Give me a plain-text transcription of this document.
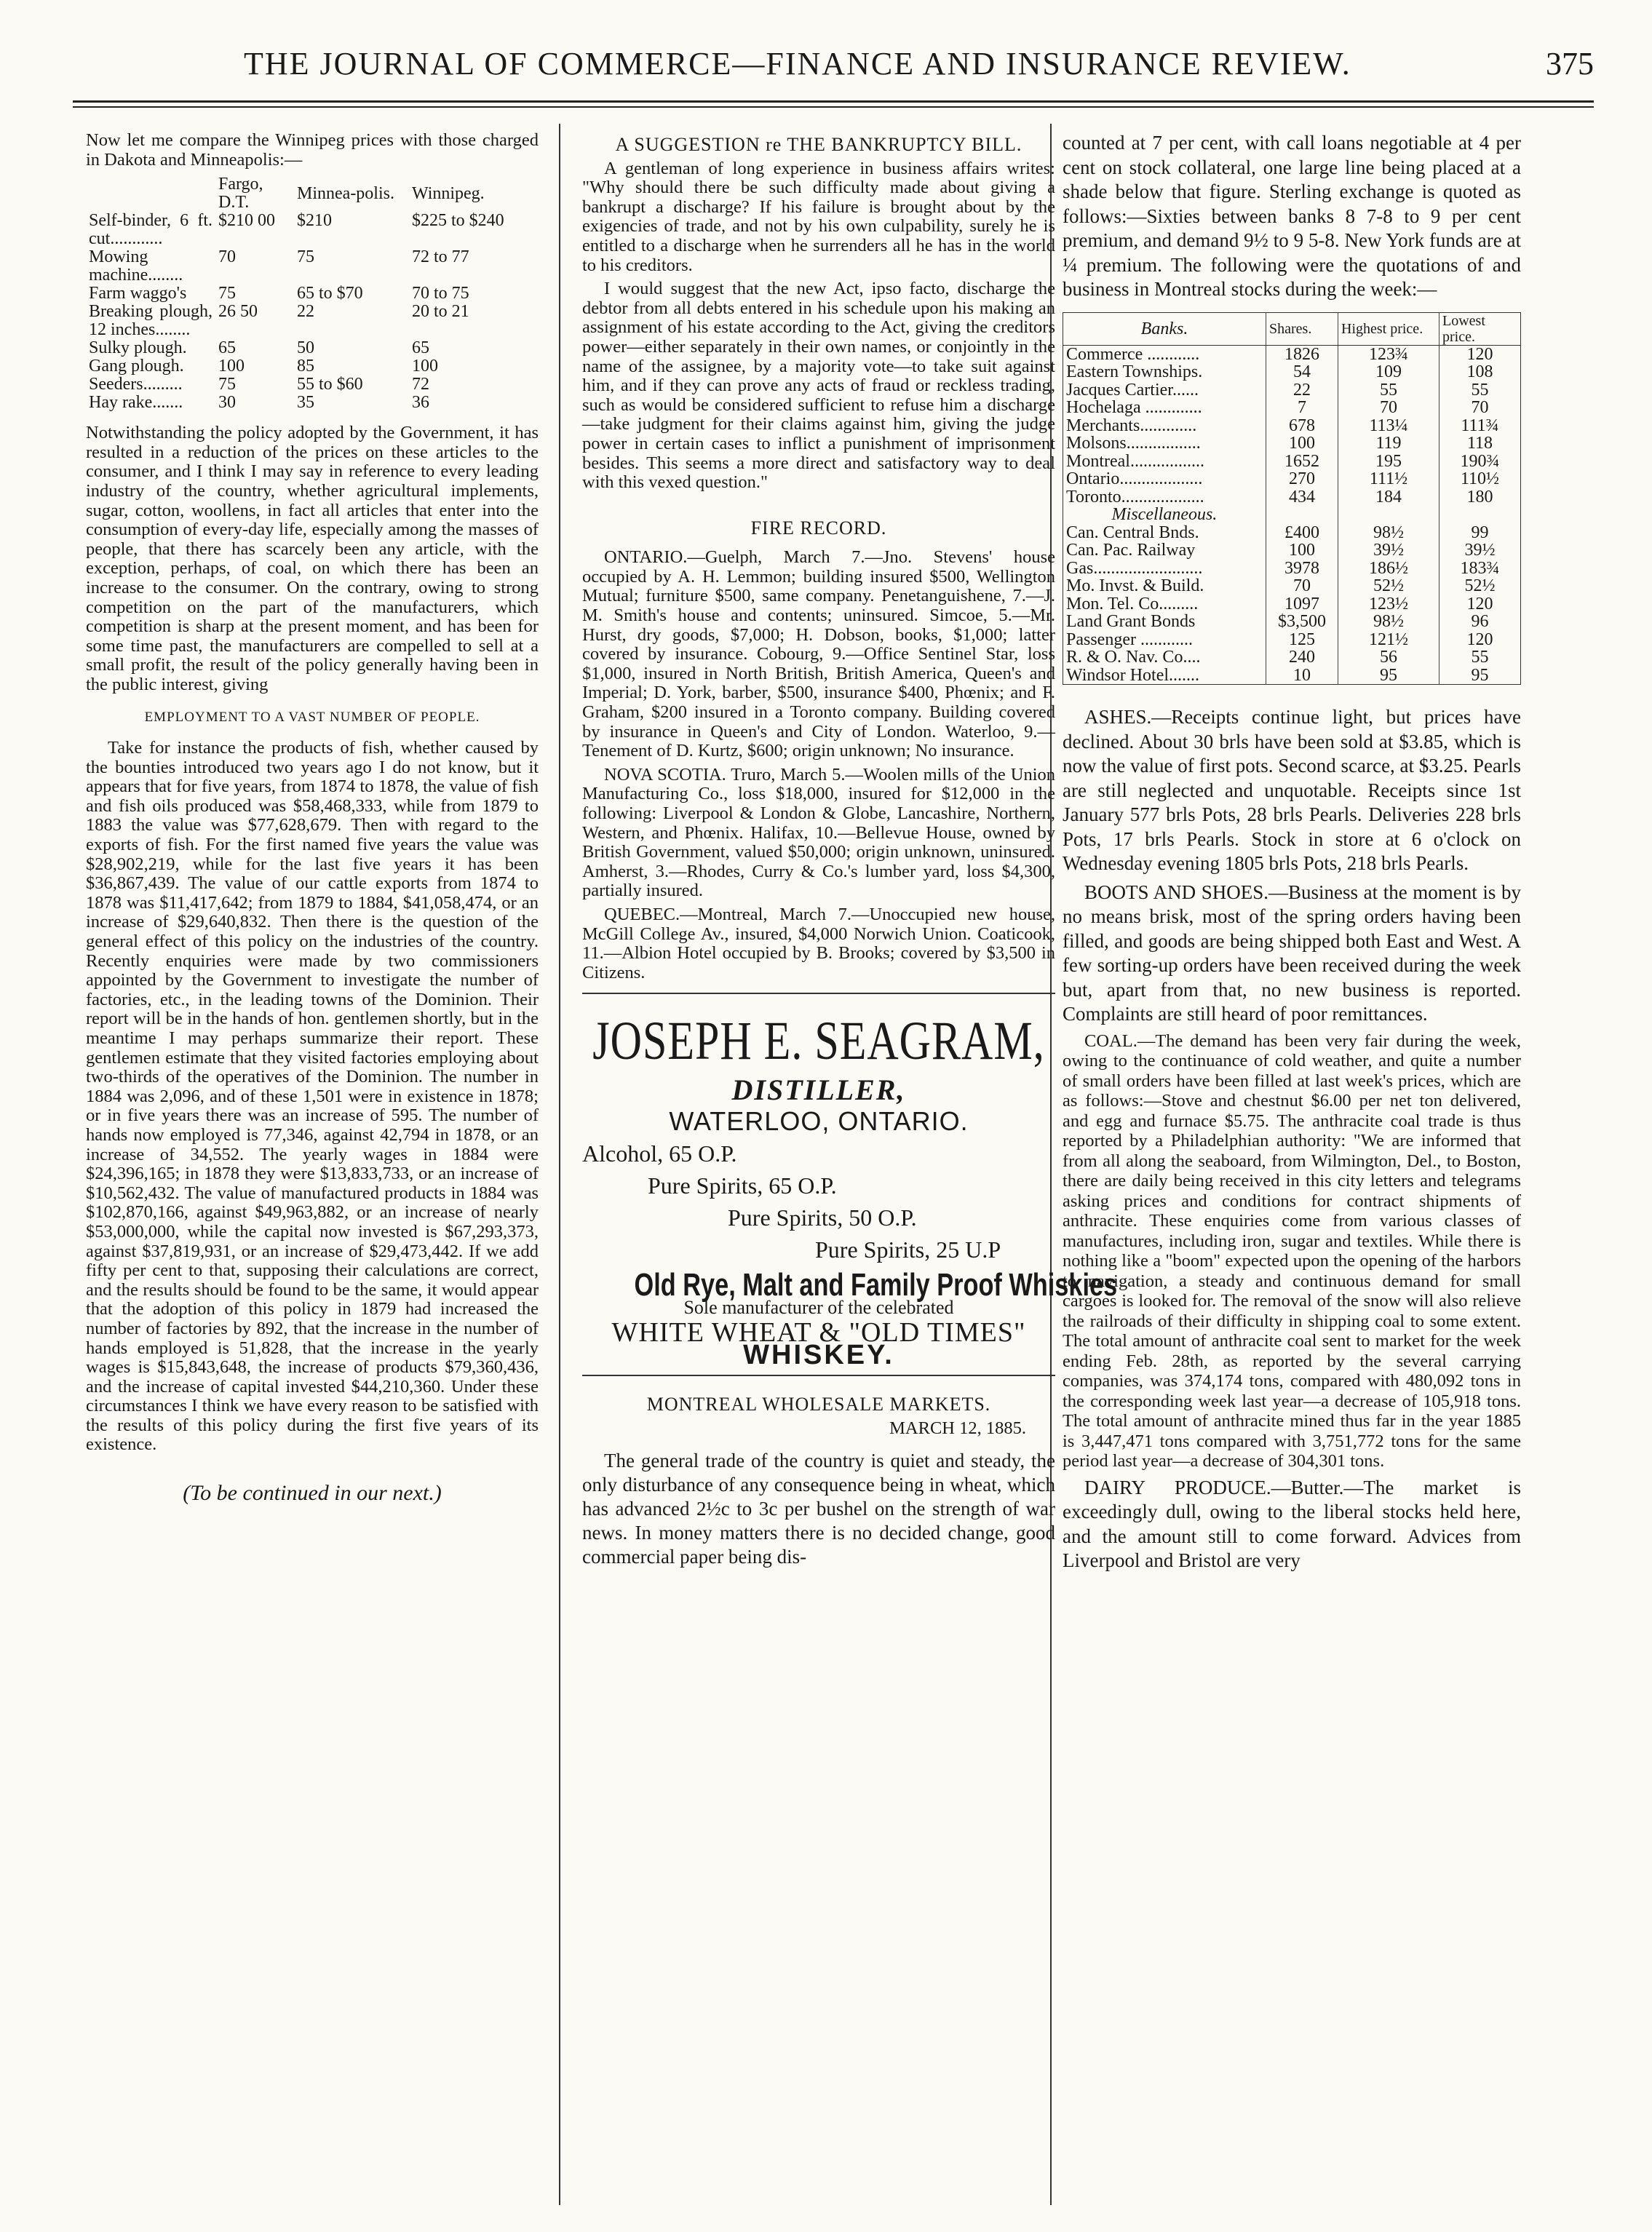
THE JOURNAL OF COMMERCE—FINANCE AND INSURANCE REVIEW.	375

Now let me compare the Winnipeg prices with those charged in Dakota and Minneapolis:—

	Fargo, D.T.	Minnea-polis.	Winnipeg.
Self-binder, 6 ft. cut............	$210 00	$210	$225 to $240
Mowing machine........	70	75	72 to 77
Farm waggo's	75	65 to $70	70 to 75
Breaking plough, 12 inches........	26 50	22	20 to 21
Sulky plough.	65	50	65
Gang plough.	100	85	100
Seeders.........	75	55 to $60	72
Hay rake.......	30	35	36

Notwithstanding the policy adopted by the Government, it has resulted in a reduction of the prices on these articles to the consumer, and I think I may say in reference to every leading industry of the country, whether agricultural implements, sugar, cotton, woollens, in fact all articles that enter into the consumption of every-day life, especially among the masses of people, that there has scarcely been any article, with the exception, perhaps, of coal, on which there has been an increase to the consumer. On the contrary, owing to strong competition on the part of the manufacturers, which competition is sharp at the present moment, and has been for some time past, the manufacturers are compelled to sell at a small profit, the result of the policy generally having been in the public interest, giving

EMPLOYMENT TO A VAST NUMBER OF PEOPLE.

Take for instance the products of fish, whether caused by the bounties introduced two years ago I do not know, but it appears that for five years, from 1874 to 1878, the value of fish and fish oils produced was $58,468,333, while from 1879 to 1883 the value was $77,628,679. Then with regard to the exports of fish. For the first named five years the value was $28,902,219, while for the last five years it has been $36,867,439. The value of our cattle exports from 1874 to 1878 was $11,417,642; from 1879 to 1884, $41,058,474, or an increase of $29,640,832. Then there is the question of the general effect of this policy on the industries of the country. Recently enquiries were made by two commissioners appointed by the Government to investigate the number of factories, etc., in the leading towns of the Dominion. Their report will be in the hands of hon. gentlemen shortly, but in the meantime I may perhaps summarize their report. These gentlemen estimate that they visited factories employing about two-thirds of the operatives of the Dominion. The number in 1884 was 2,096, and of these 1,501 were in existence in 1878; or in five years there was an increase of 595. The number of hands now employed is 77,346, against 42,794 in 1878, or an increase of 34,552. The yearly wages in 1884 were $24,396,165; in 1878 they were $13,833,733, or an increase of $10,562,432. The value of manufactured products in 1884 was $102,870,166, against $49,963,882, or an increase of nearly $53,000,000, while the capital now invested is $67,293,373, against $37,819,931, or an increase of $29,473,442. If we add fifty per cent to that, supposing their calculations are correct, and the results should be found to be the same, it would appear that the adoption of this policy in 1879 had increased the number of factories by 892, that the increase in the number of hands employed is 51,828, that the increase in the yearly wages is $15,843,648, the increase of products $79,360,436, and the increase of capital invested $44,210,360. Under these circumstances I think we have every reason to be satisfied with the results of this policy during the first five years of its existence.

(To be continued in our next.)

A SUGGESTION re THE BANKRUPTCY BILL.

A gentleman of long experience in business affairs writes: "Why should there be such difficulty made about giving a bankrupt a discharge? If his failure is brought about by the exigencies of trade, and not by his own culpability, surely he is entitled to a discharge when he surrenders all he has in the world to his creditors.

I would suggest that the new Act, ipso facto, discharge the debtor from all debts entered in his schedule upon his making an assignment of his estate according to the Act, giving the creditors power—either separately in their own names, or conjointly in the name of the assignee, by a majority vote—to take suit against him, and if they can prove any acts of fraud or reckless trading, such as would be considered sufficient to refuse him a discharge—take judgment for their claims against him, giving the judge power in certain cases to inflict a punishment of imprisonment besides. This seems a more direct and satisfactory way to deal with this vexed question."

FIRE RECORD.

ONTARIO.—Guelph, March 7.—Jno. Stevens' house occupied by A. H. Lemmon; building insured $500, Wellington Mutual; furniture $500, same company. Penetanguishene, 7.—J. M. Smith's house and contents; uninsured. Simcoe, 5.—Mr. Hurst, dry goods, $7,000; H. Dobson, books, $1,000; latter covered by insurance. Cobourg, 9.—Office Sentinel Star, loss $1,000, insured in North British, British America, Queen's and Imperial; D. York, barber, $500, insurance $400, Phœnix; and F. Graham, $200 insured in a Toronto company. Building covered by insurance in Queen's and City of London. Waterloo, 9.—Tenement of D. Kurtz, $600; origin unknown; No insurance.

NOVA SCOTIA. Truro, March 5.—Woolen mills of the Union Manufacturing Co., loss $18,000, insured for $12,000 in the following: Liverpool & London & Globe, Lancashire, Northern, Western, and Phœnix. Halifax, 10.—Bellevue House, owned by British Government, valued $50,000; origin unknown, uninsured. Amherst, 3.—Rhodes, Curry & Co.'s lumber yard, loss $4,300, partially insured.

QUEBEC.—Montreal, March 7.—Unoccupied new house, McGill College Av., insured, $4,000 Norwich Union. Coaticook, 11.—Albion Hotel occupied by B. Brooks; covered by $3,500 in Citizens.

JOSEPH E. SEAGRAM,
DISTILLER,
WATERLOO, ONTARIO.
Alcohol, 65 O.P.
Pure Spirits, 65 O.P.
Pure Spirits, 50 O.P.
Pure Spirits, 25 U.P
Old Rye, Malt and Family Proof Whiskies
Sole manufacturer of the celebrated
WHITE WHEAT & "OLD TIMES"
WHISKEY.
MONTREAL WHOLESALE MARKETS.

MARCH 12, 1885.

The general trade of the country is quiet and steady, the only disturbance of any consequence being in wheat, which has advanced 2½c to 3c per bushel on the strength of war news. In money matters there is no decided change, good commercial paper being dis-

counted at 7 per cent, with call loans negotiable at 4 per cent on stock collateral, one large line being placed at a shade below that figure. Sterling exchange is quoted as follows:—Sixties between banks 8 7-8 to 9 per cent premium, and demand 9½ to 9 5-8. New York funds are at ¼ premium. The following were the quotations of and business in Montreal stocks during the week:—

Banks.	Shares.	Highest price.	Lowest price.
Commerce ............	1826	123¾	120
Eastern Townships.	54	109	108
Jacques Cartier......	22	55	55
Hochelaga .............	7	70	70
Merchants.............	678	113¼	111¾
Molsons.................	100	119	118
Montreal.................	1652	195	190¾
Ontario...................	270	111½	110½
Toronto...................	434	184	180
Miscellaneous.			
Can. Central Bnds.	£400	98½	99
Can. Pac. Railway	100	39½	39½
Gas.........................	3978	186½	183¾
Mo. Invst. & Build.	70	52½	52½
Mon. Tel. Co.........	1097	123½	120
Land Grant Bonds	$3,500	98½	96
Passenger ............	125	121½	120
R. & O. Nav. Co....	240	56	55
Windsor Hotel.......	10	95	95

ASHES.—Receipts continue light, but prices have declined. About 30 brls have been sold at $3.85, which is now the value of first pots. Second scarce, at $3.25. Pearls are still neglected and unquotable. Receipts since 1st January 577 brls Pots, 28 brls Pearls. Deliveries 228 brls Pots, 17 brls Pearls. Stock in store at 6 o'clock on Wednesday evening 1805 brls Pots, 218 brls Pearls.

BOOTS AND SHOES.—Business at the moment is by no means brisk, most of the spring orders having been filled, and goods are being shipped both East and West. A few sorting-up orders have been received during the week but, apart from that, no new business is reported. Complaints are still heard of poor remittances.

COAL.—The demand has been very fair during the week, owing to the continuance of cold weather, and quite a number of small orders have been filled at last week's prices, which are as follows:—Stove and chestnut $6.00 per net ton delivered, and egg and furnace $5.75. The anthracite coal trade is thus reported by a Philadelphian authority: "We are informed that from all along the seaboard, from Wilmington, Del., to Boston, there are daily being received in this city letters and telegrams asking prices and conditions for contract shipments of anthracite. These enquiries come from various classes of manufactures, including iron, sugar and textiles. While there is nothing like a "boom" expected upon the opening of the harbors to navigation, a steady and continuous demand for small cargoes is looked for. The removal of the snow will also relieve the railroads of their difficulty in shipping coal to some extent. The total amount of anthracite coal sent to market for the week ending Feb. 28th, as reported by the several carrying companies, was 374,174 tons, compared with 480,092 tons in the corresponding week last year—a decrease of 105,918 tons. The total amount of anthracite mined thus far in the year 1885 is 3,447,471 tons compared with 3,751,772 tons for the same period last year—a decrease of 304,301 tons.

DAIRY PRODUCE.—Butter.—The market is exceedingly dull, owing to the liberal stocks held here, and the amount still to come forward. Advices from Liverpool and Bristol are very
